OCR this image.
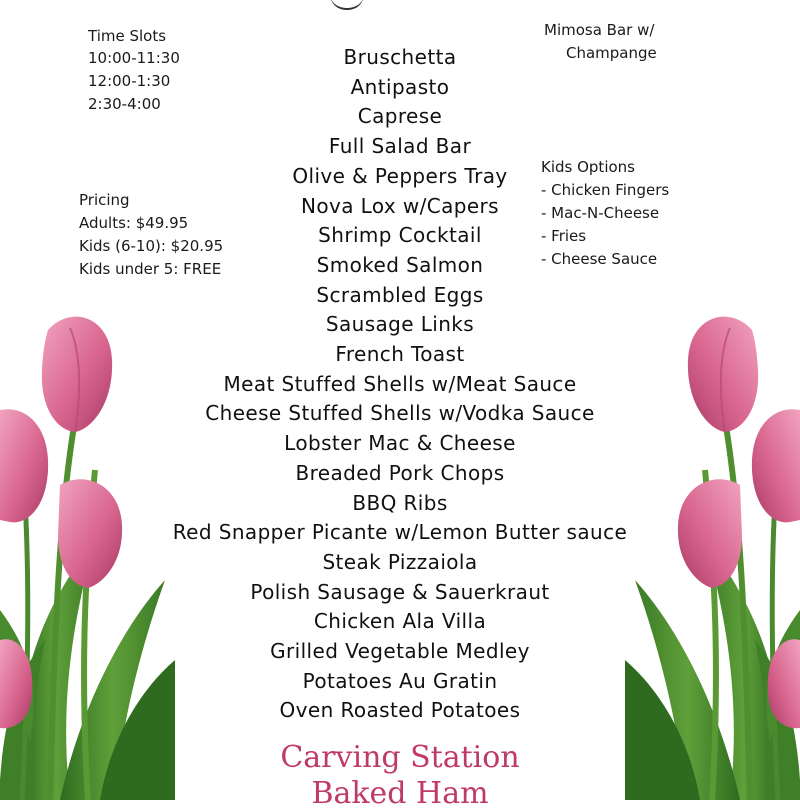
Time Slots
10:00-11:30
12:00-1:30
2:30-4:00
Pricing
Adults: $49.95
Kids (6-10): $20.95
Kids under 5: FREE
Mimosa Bar w/
Champange
Kids Options
- Chicken Fingers
- Mac-N-Cheese
- Fries
- Cheese Sauce
Bruschetta
Antipasto
Caprese
Full Salad Bar
Olive & Peppers Tray
Nova Lox w/Capers
Shrimp Cocktail
Smoked Salmon
Scrambled Eggs
Sausage Links
French Toast
Meat Stuffed Shells w/Meat Sauce
Cheese Stuffed Shells w/Vodka Sauce
Lobster Mac & Cheese
Breaded Pork Chops
BBQ Ribs
Red Snapper Picante w/Lemon Butter sauce
Steak Pizzaiola
Polish Sausage & Sauerkraut
Chicken Ala Villa
Grilled Vegetable Medley
Potatoes Au Gratin
Oven Roasted Potatoes
Carving Station
Baked Ham
